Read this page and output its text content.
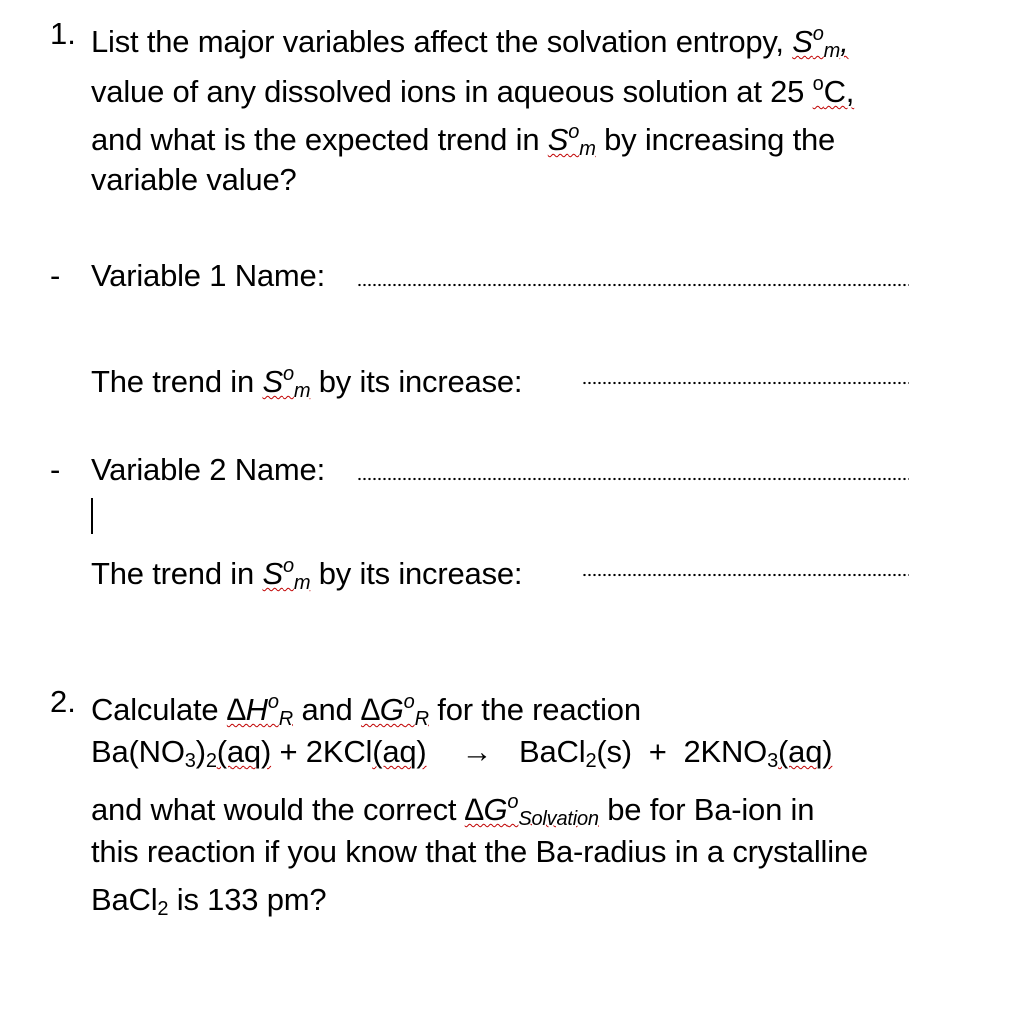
1. List the major variables affect the solvation entropy, $S^o_m$,
value of any dissolved ions in aqueous solution at 25 $^o$C,
and what is the expected trend in $S^o_m$ by increasing the
variable value?
- Variable 1 Name:
The trend in $S^o_m$ by its increase:
- Variable 2 Name:
The trend in $S^o_m$ by its increase:
2. Calculate $\Delta H^o_R$ and $\Delta G^o_R$ for the reaction
$Ba(NO_3)_2(aq) + 2KCl(aq)$ → BaCl$_2$(s)  +  $2KNO_3(aq)$
and what would the correct $\Delta G^o_{Solvation}$ be for Ba-ion in
this reaction if you know that the Ba-radius in a crystalline
BaCl$_2$ is 133 pm?
